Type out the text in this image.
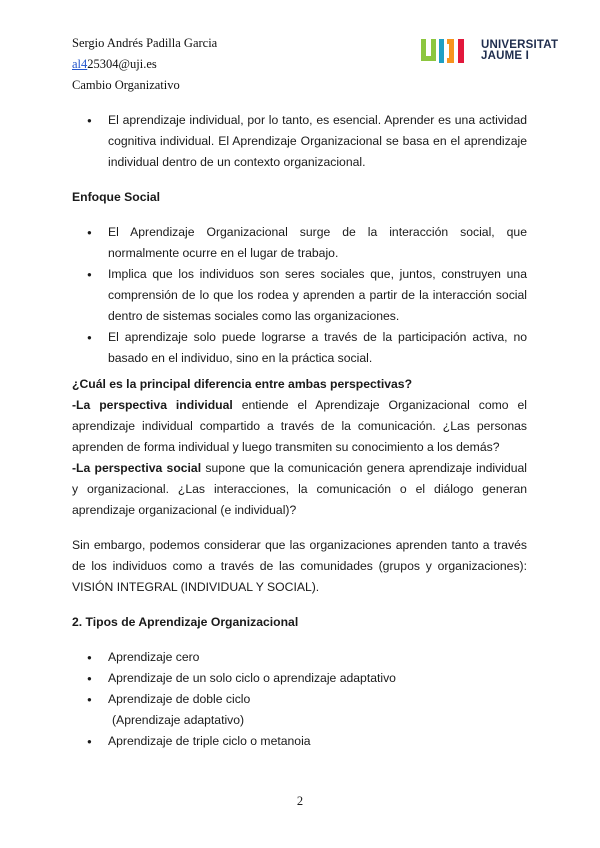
Sergio Andrés Padilla Garcia
al425304@uji.es
Cambio Organizativo
UNIVERSITAT
JAUME I
● El aprendizaje individual, por lo tanto, es esencial. Aprender es una actividad cognitiva individual. El Aprendizaje Organizacional se basa en el aprendizaje individual dentro de un contexto organizacional.

Enfoque Social

● El Aprendizaje Organizacional surge de la interacción social, que normalmente ocurre en el lugar de trabajo.
● Implica que los individuos son seres sociales que, juntos, construyen una comprensión de lo que los rodea y aprenden a partir de la interacción social dentro de sistemas sociales como las organizaciones.
● El aprendizaje solo puede lograrse a través de la participación activa, no basado en el individuo, sino en la práctica social.

¿Cuál es la principal diferencia entre ambas perspectivas?

-La perspectiva individual entiende el Aprendizaje Organizacional como el aprendizaje individual compartido a través de la comunicación. ¿Las personas aprenden de forma individual y luego transmiten su conocimiento a los demás?

-La perspectiva social supone que la comunicación genera aprendizaje individual y organizacional. ¿Las interacciones, la comunicación o el diálogo generan aprendizaje organizacional (e individual)?

Sin embargo, podemos considerar que las organizaciones aprenden tanto a través de los individuos como a través de las comunidades (grupos y organizaciones): VISIÓN INTEGRAL (INDIVIDUAL Y SOCIAL).

2. Tipos de Aprendizaje Organizacional

● Aprendizaje cero
● Aprendizaje de un solo ciclo o aprendizaje adaptativo
● Aprendizaje de doble ciclo

(Aprendizaje adaptativo)

● Aprendizaje de triple ciclo o metanoia
2
